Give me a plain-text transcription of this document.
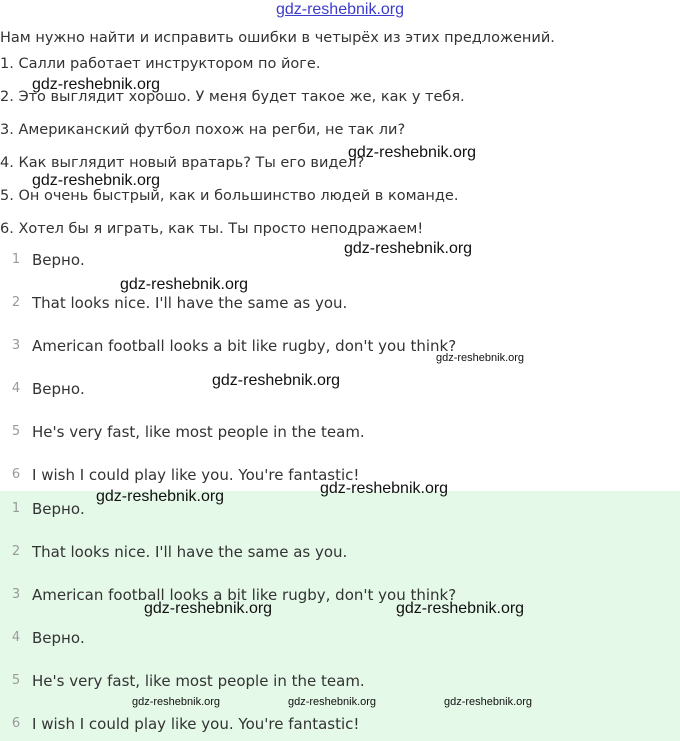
gdz-reshebnik.org
Нам нужно найти и исправить ошибки в четырёх из этих предложений.
1. Салли работает инструктором по йоге.
2. Это выглядит хорошо. У меня будет такое же, как у тебя.
3. Американский футбол похож на регби, не так ли?
4. Как выглядит новый вратарь? Ты его видел?
5. Он очень быстрый, как и большинство людей в команде.
6. Хотел бы я играть, как ты. Ты просто неподражаем!
1 Верно.
2 That looks nice. I'll have the same as you.
3 American football looks a bit like rugby, don't you think?
4 Верно.
5 He's very fast, like most people in the team.
6 I wish I could play like you. You're fantastic!
1 Верно.
2 That looks nice. I'll have the same as you.
3 American football looks a bit like rugby, don't you think?
4 Верно.
5 He's very fast, like most people in the team.
6 I wish I could play like you. You're fantastic!
gdz-reshebnik.org
gdz-reshebnik.org
gdz-reshebnik.org
gdz-reshebnik.org
gdz-reshebnik.org
gdz-reshebnik.org
gdz-reshebnik.org
gdz-reshebnik.org
gdz-reshebnik.org
gdz-reshebnik.org	gdz-reshebnik.org
gdz-reshebnik.org	gdz-reshebnik.org	gdz-reshebnik.org
